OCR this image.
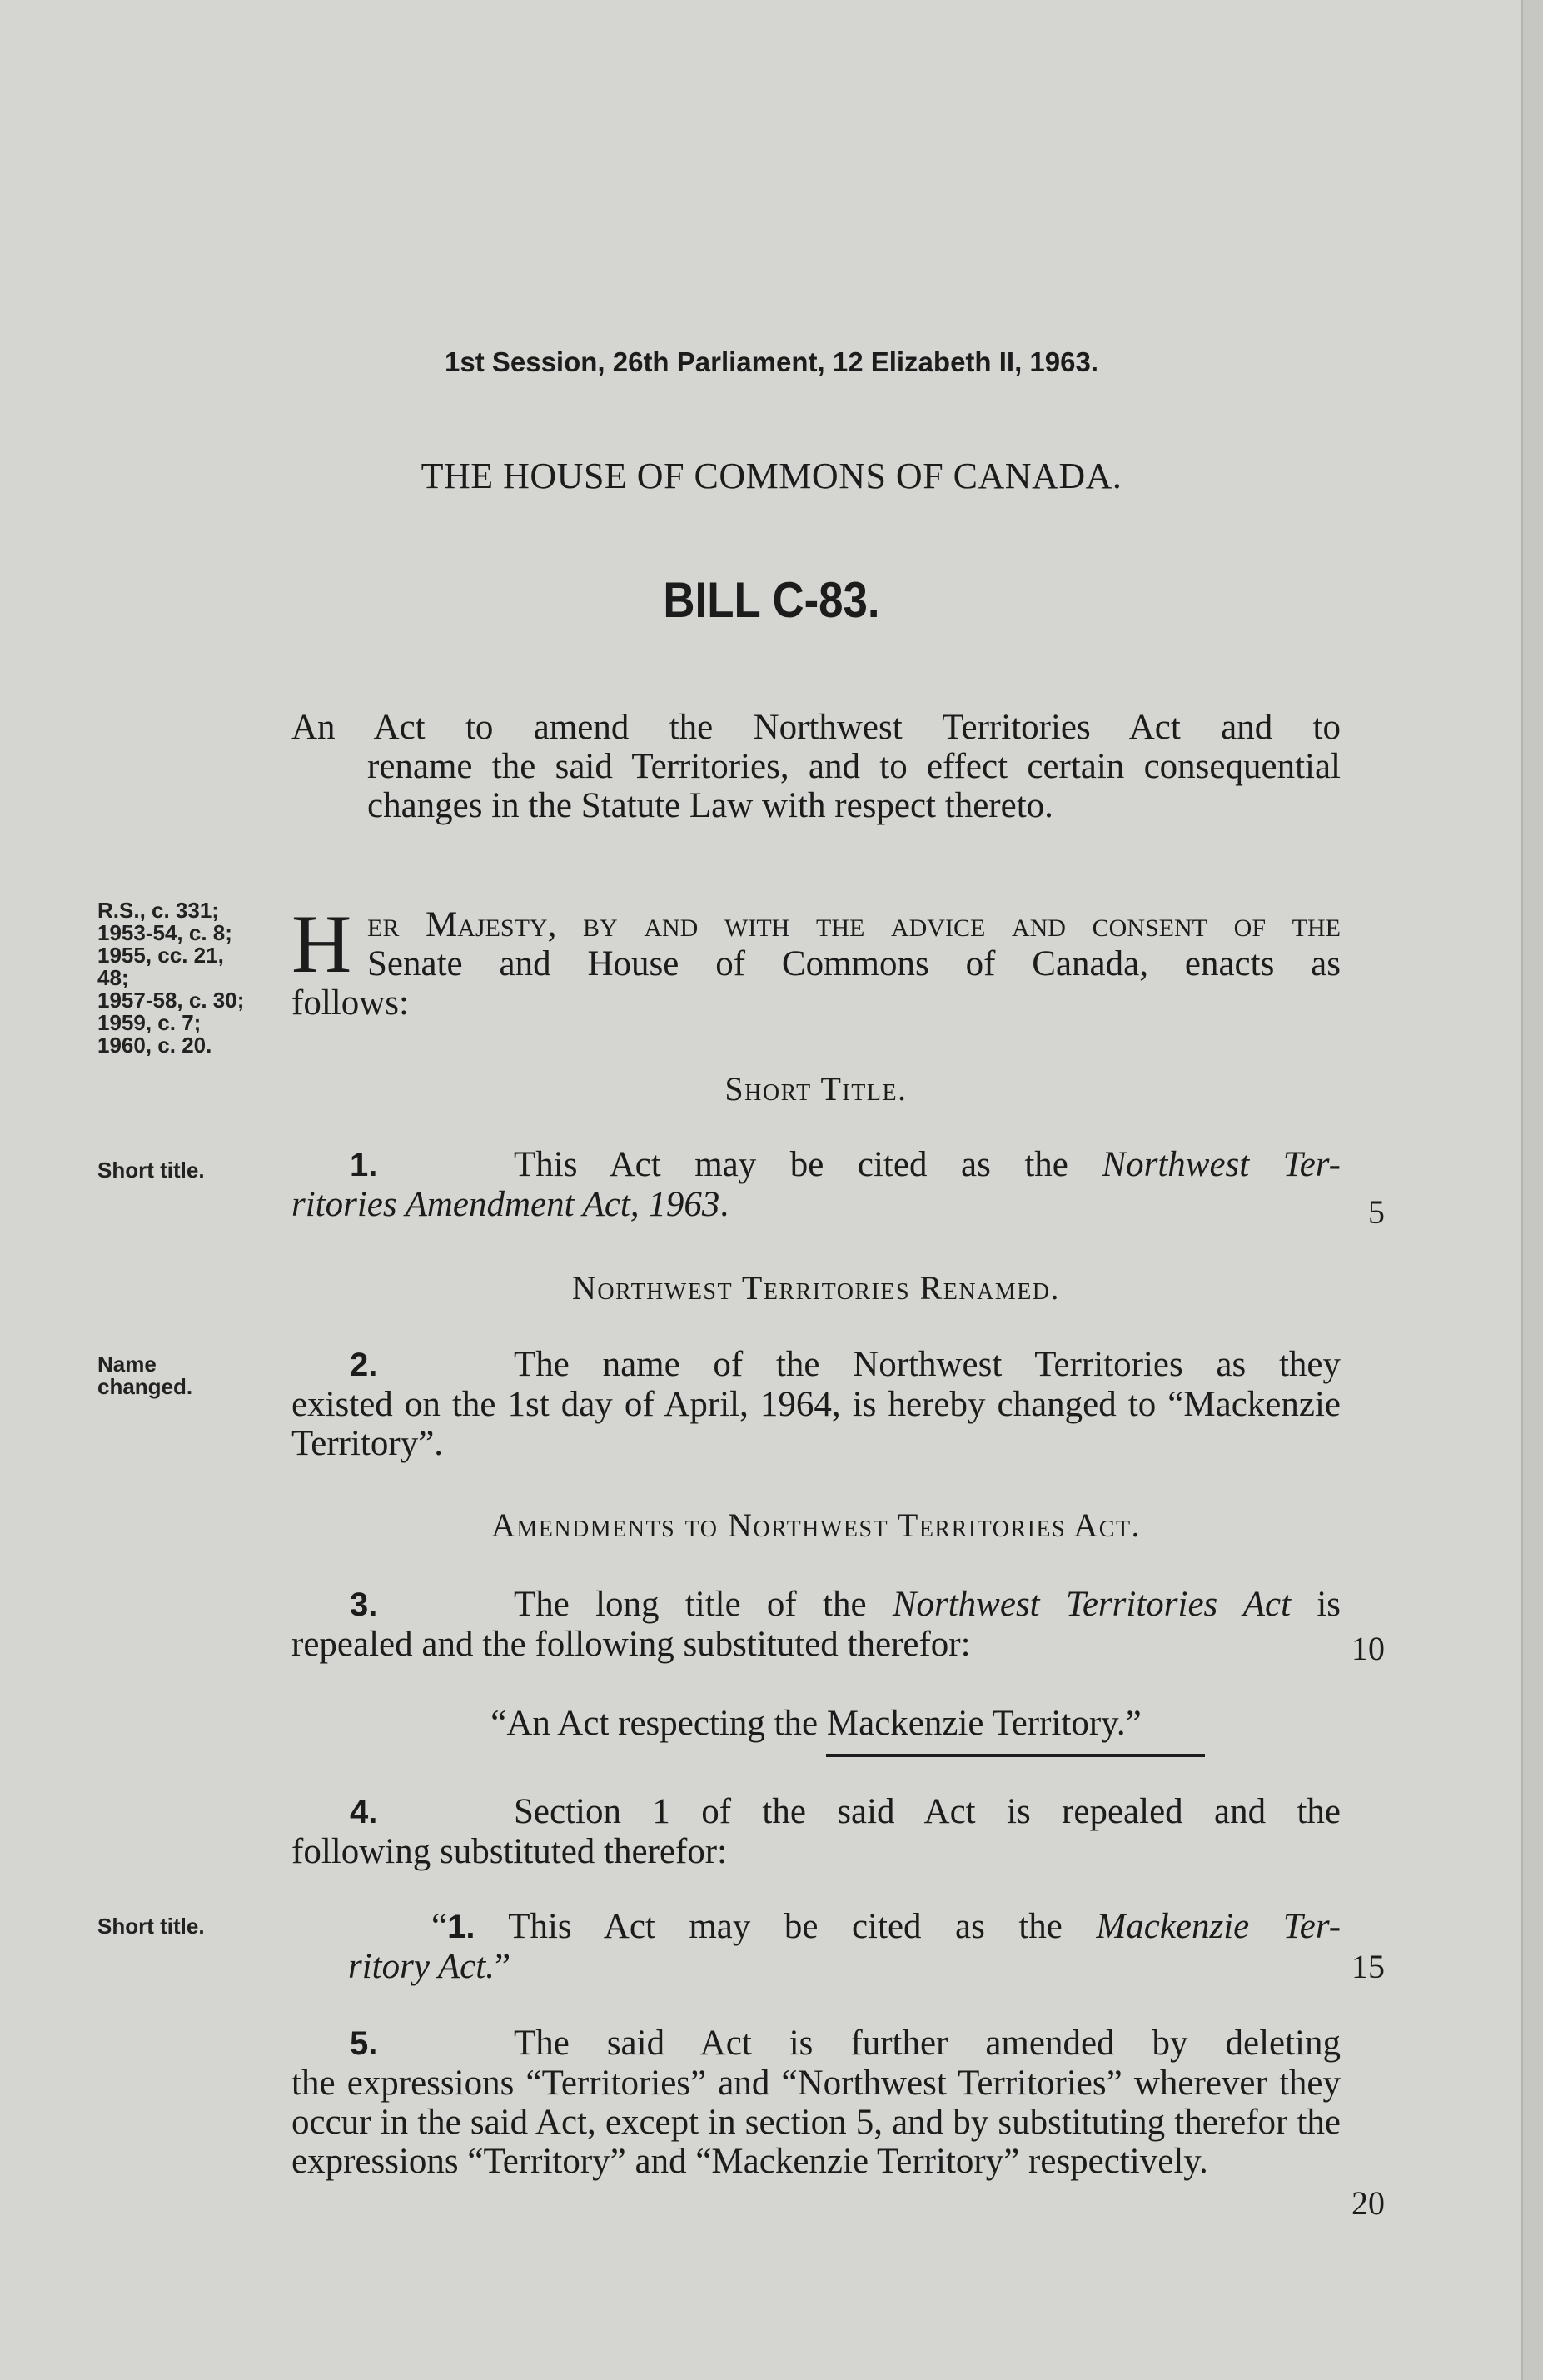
1st Session, 26th Parliament, 12 Elizabeth II, 1963.

THE HOUSE OF COMMONS OF CANADA.

BILL C-83.

An Act to amend the Northwest Territories Act and to
rename the said Territories, and to effect certain consequential changes in the Statute Law with respect thereto.
R.S., c. 331;
1953-54, c. 8;
1955, cc. 21,
48;
1957-58, c. 30;
1959, c. 7;
1960, c. 20.
H er Majesty, by and with the advice and consent of the
Senate and House of Commons of Canada, enacts as
follows:

Short Title.

Short title.	1.	This Act may be cited as the Northwest Ter-
ritories Amendment Act, 1963.	5

Northwest Territories Renamed.

Name
changed.
2.	The name of the Northwest Territories as they
existed on the 1st day of April, 1964, is hereby changed to “Mackenzie Territory”.

Amendments to Northwest Territories Act.

3.	The long title of the Northwest Territories Act is
repealed and the following substituted therefor:	10

“An Act respecting the Mackenzie Territory.”

4.	Section 1 of the said Act is repealed and the
following substituted therefor:

Short title.	“1. This Act may be cited as the Mackenzie Ter-
ritory Act.”	15
5.	The said Act is further amended by deleting
the expressions “Territories” and “Northwest Territories” wherever they occur in the said Act, except in section 5, and by substituting therefor the expressions “Territory” and “Mackenzie Territory” respectively.
20
